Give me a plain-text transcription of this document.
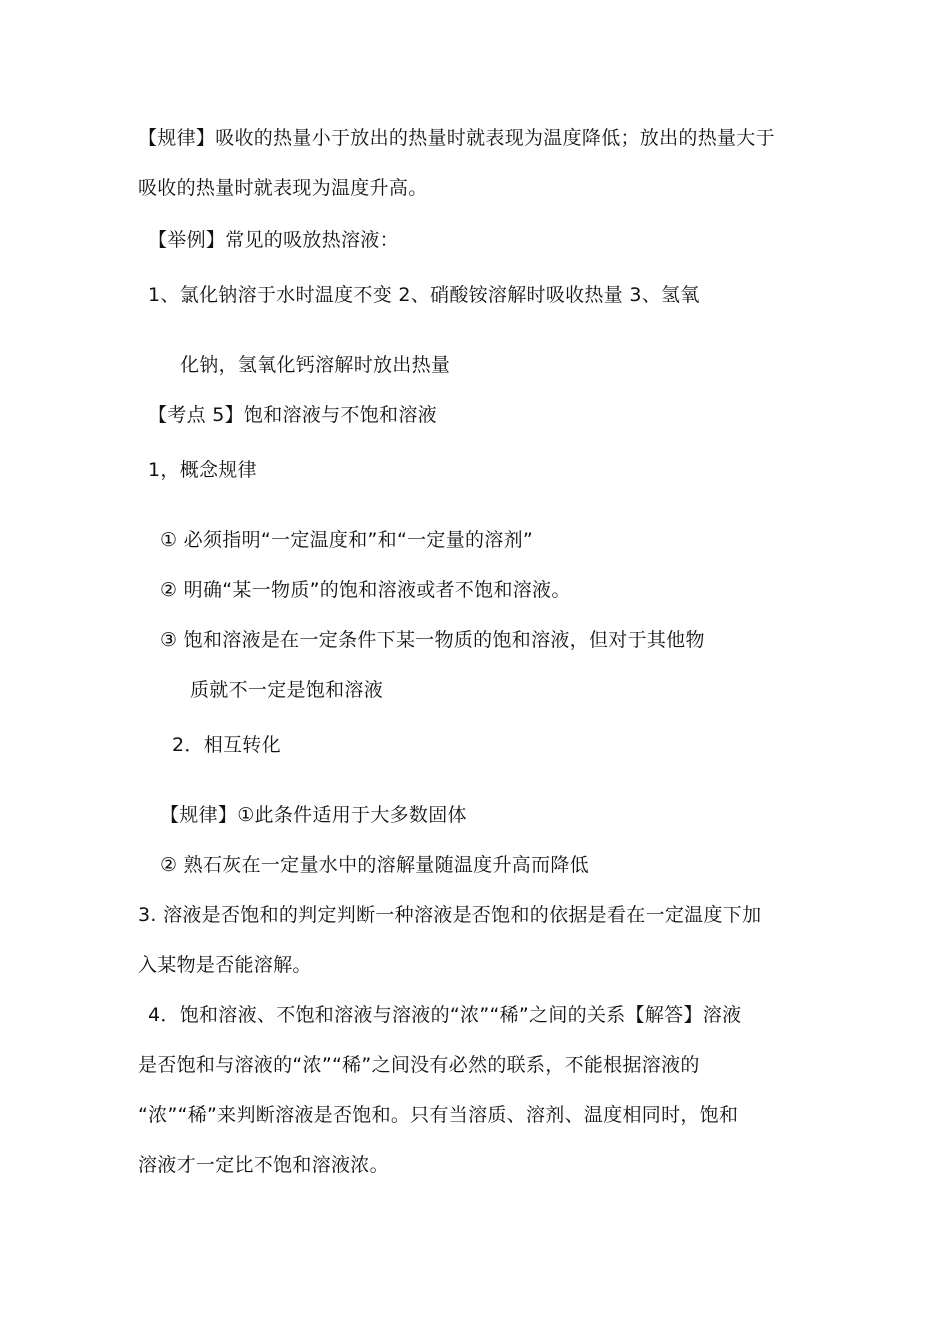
【规律】吸收的热量小于放出的热量时就表现为温度降低；放出的热量大于
吸收的热量时就表现为温度升高。
【举例】常见的吸放热溶液：
1、氯化钠溶于水时温度不变 2、硝酸铵溶解时吸收热量 3、氢氧
化钠，氢氧化钙溶解时放出热量
【考点 5】饱和溶液与不饱和溶液
1，概念规律
① 必须指明“一定温度和”和“一定量的溶剂”
② 明确“某一物质”的饱和溶液或者不饱和溶液。
③ 饱和溶液是在一定条件下某一物质的饱和溶液，但对于其他物
质就不一定是饱和溶液
2．相互转化
【规律】①此条件适用于大多数固体
② 熟石灰在一定量水中的溶解量随温度升高而降低
3. 溶液是否饱和的判定判断一种溶液是否饱和的依据是看在一定温度下加
入某物是否能溶解。
4．饱和溶液、不饱和溶液与溶液的“浓”“稀”之间的关系【解答】溶液
是否饱和与溶液的“浓”“稀”之间没有必然的联系，不能根据溶液的
“浓”“稀”来判断溶液是否饱和。只有当溶质、溶剂、温度相同时，饱和
溶液才一定比不饱和溶液浓。
